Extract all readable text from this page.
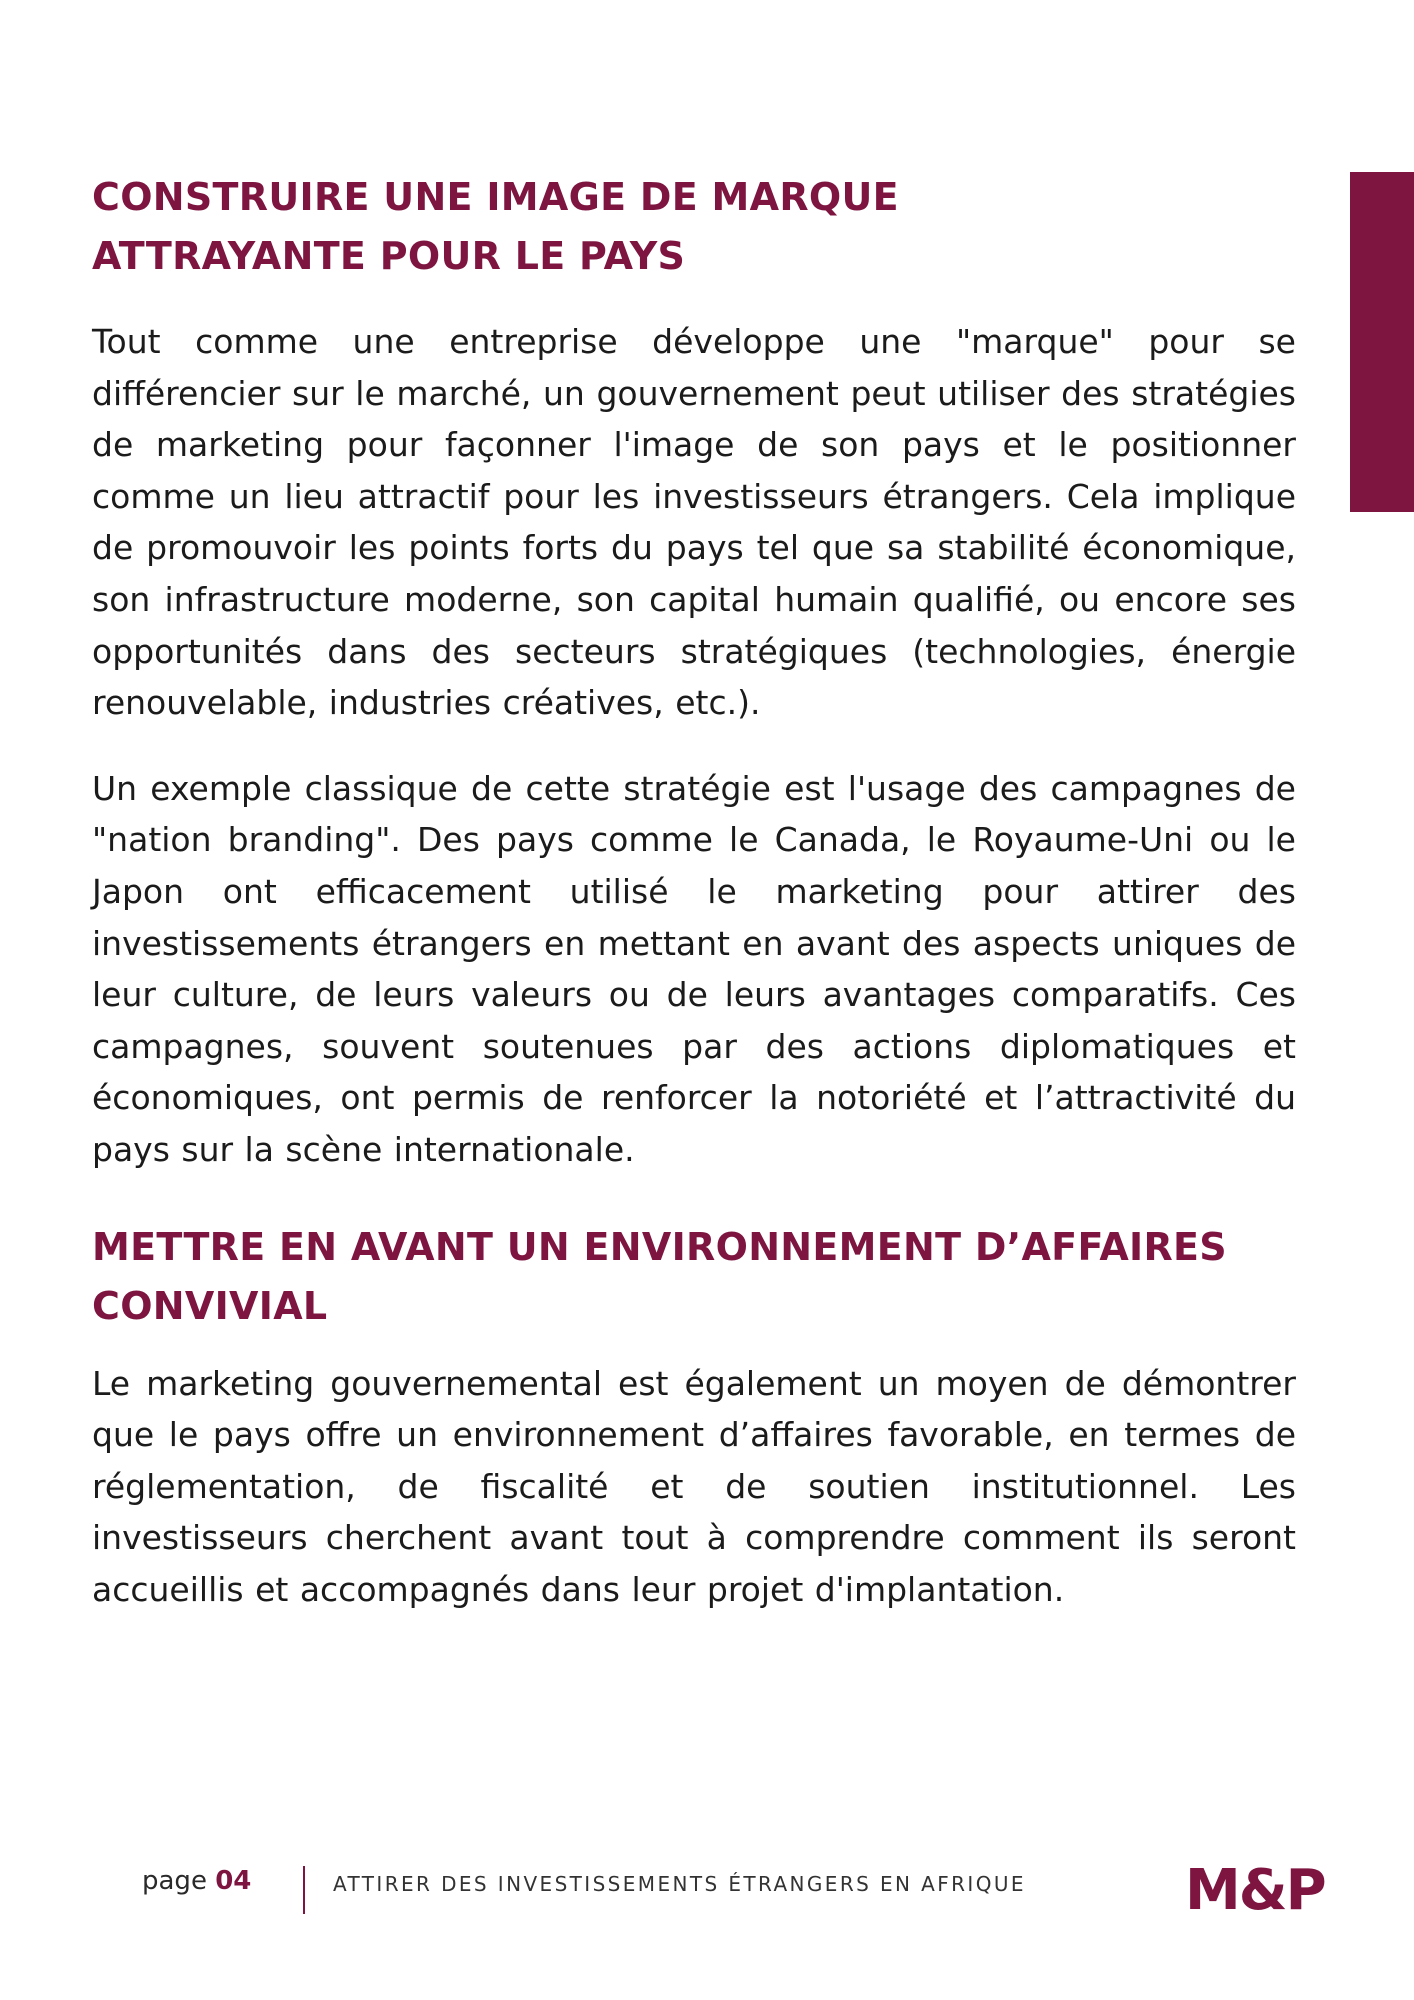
CONSTRUIRE UNE IMAGE DE MARQUE ATTRAYANTE POUR LE PAYS

Tout comme une entreprise développe une "marque" pour se différencier sur le marché, un gouvernement peut utiliser des stratégies de marketing pour façonner l'image de son pays et le positionner comme un lieu attractif pour les investisseurs étrangers. Cela implique de promouvoir les points forts du pays tel que sa stabilité économique, son infrastructure moderne, son capital humain qualifié, ou encore ses opportunités dans des secteurs stratégiques (technologies, énergie renouvelable, industries créatives, etc.).

Un exemple classique de cette stratégie est l'usage des campagnes de "nation branding". Des pays comme le Canada, le Royaume-Uni ou le Japon ont efficacement utilisé le marketing pour attirer des investissements étrangers en mettant en avant des aspects uniques de leur culture, de leurs valeurs ou de leurs avantages comparatifs. Ces campagnes, souvent soutenues par des actions diplomatiques et économiques, ont permis de renforcer la notoriété et l’attractivité du pays sur la scène internationale.

METTRE EN AVANT UN ENVIRONNEMENT D’AFFAIRES CONVIVIAL

Le marketing gouvernemental est également un moyen de démontrer que le pays offre un environnement d’affaires favorable, en termes de réglementation, de fiscalité et de soutien institutionnel. Les investisseurs cherchent avant tout à comprendre comment ils seront accueillis et accompagnés dans leur projet d'implantation.

page 04	ATTIRER DES INVESTISSEMENTS ÉTRANGERS EN AFRIQUE	M&P
